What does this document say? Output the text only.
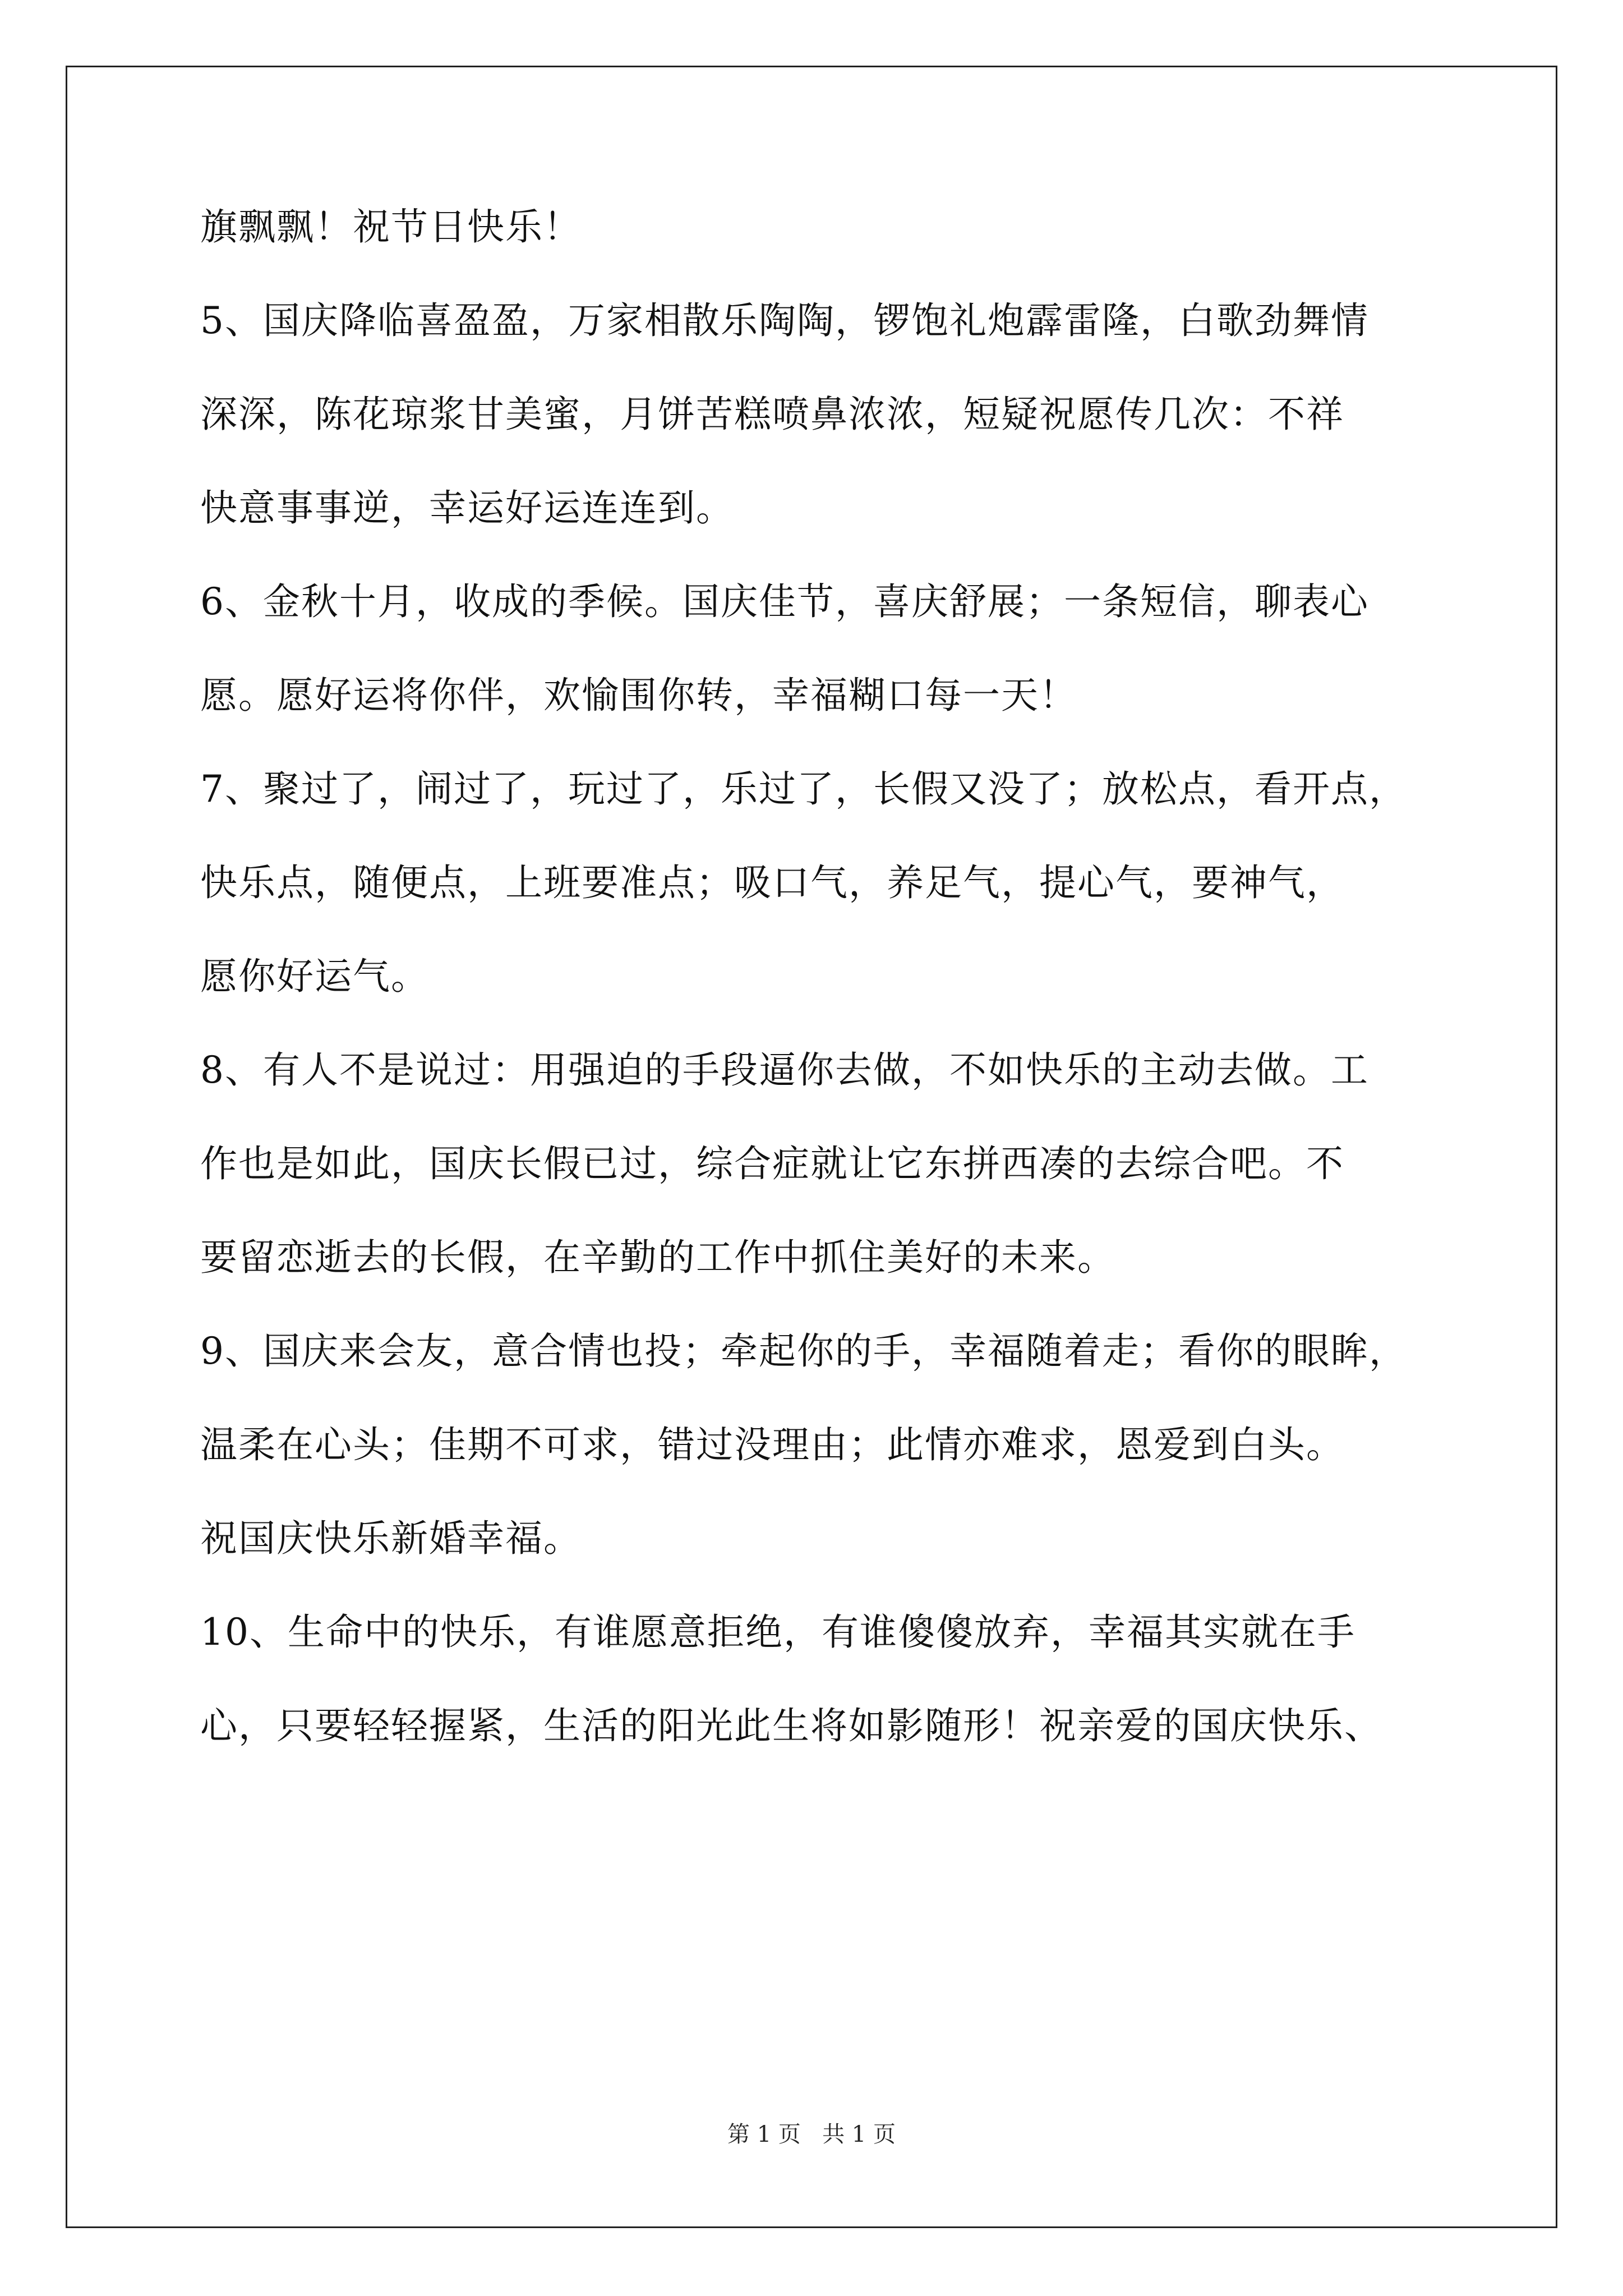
旗飘飘！祝节日快乐！
5、国庆降临喜盈盈，万家相散乐陶陶，锣饱礼炮霹雷隆，白歌劲舞情
深深，陈花琼浆甘美蜜，月饼苦糕喷鼻浓浓，短疑祝愿传几次：不祥
快意事事逆，幸运好运连连到。
6、金秋十月，收成的季候。国庆佳节，喜庆舒展；一条短信，聊表心
愿。愿好运将你伴，欢愉围你转，幸福糊口每一天！
7、聚过了，闹过了，玩过了，乐过了，长假又没了；放松点，看开点，
快乐点，随便点，上班要准点；吸口气，养足气，提心气，要神气，
愿你好运气。
8、有人不是说过：用强迫的手段逼你去做，不如快乐的主动去做。工
作也是如此，国庆长假已过，综合症就让它东拼西凑的去综合吧。不
要留恋逝去的长假，在辛勤的工作中抓住美好的未来。
9、国庆来会友，意合情也投；牵起你的手，幸福随着走；看你的眼眸，
温柔在心头；佳期不可求，错过没理由；此情亦难求，恩爱到白头。
祝国庆快乐新婚幸福。
10、生命中的快乐，有谁愿意拒绝，有谁傻傻放弃，幸福其实就在手
心，只要轻轻握紧，生活的阳光此生将如影随形！祝亲爱的国庆快乐、
第 1 页   共 1 页
